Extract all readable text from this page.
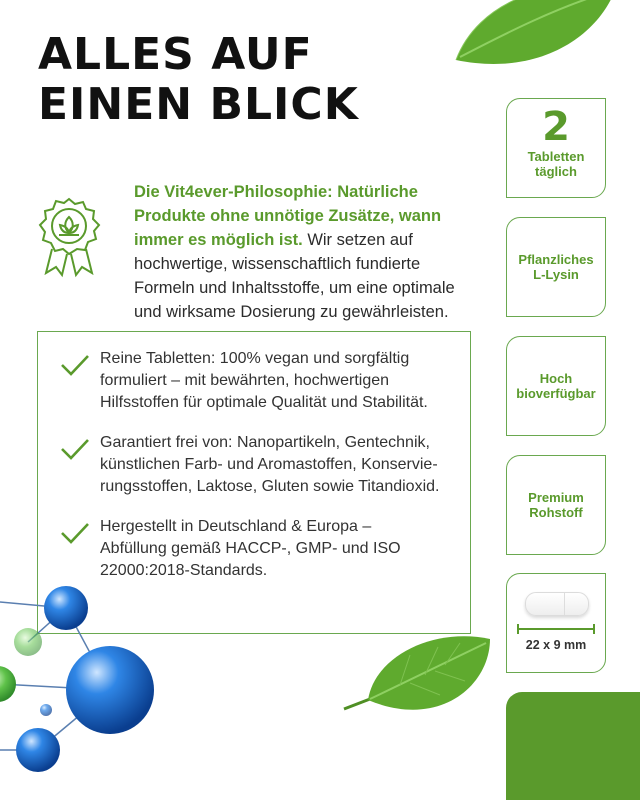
ALLES AUF
EINEN BLICK

Die Vit4ever-Philosophie: Natürliche Produkte ohne unnötige Zusätze, wann immer es möglich ist. Wir setzen auf hochwertige, wissenschaftlich fundierte Formeln und Inhaltsstoffe, um eine optimale und wirksame Dosierung zu gewährleisten.

Reine Tabletten: 100% vegan und sorgfältig formuliert – mit bewährten, hochwertigen Hilfsstoffen für optimale Qualität und Stabilität.
Garantiert frei von: Nanopartikeln, Gentechnik, künstlichen Farb- und Aromastoffen, Konservie-rungsstoffen, Laktose, Gluten sowie Titandioxid.
Hergestellt in Deutschland & Europa – Abfüllung gemäß HACCP-, GMP- und ISO 22000:2018-Standards.
2
Tabletten täglich
Pflanzliches L-Lysin
Hoch bioverfügbar
Premium Rohstoff
22 x 9 mm
